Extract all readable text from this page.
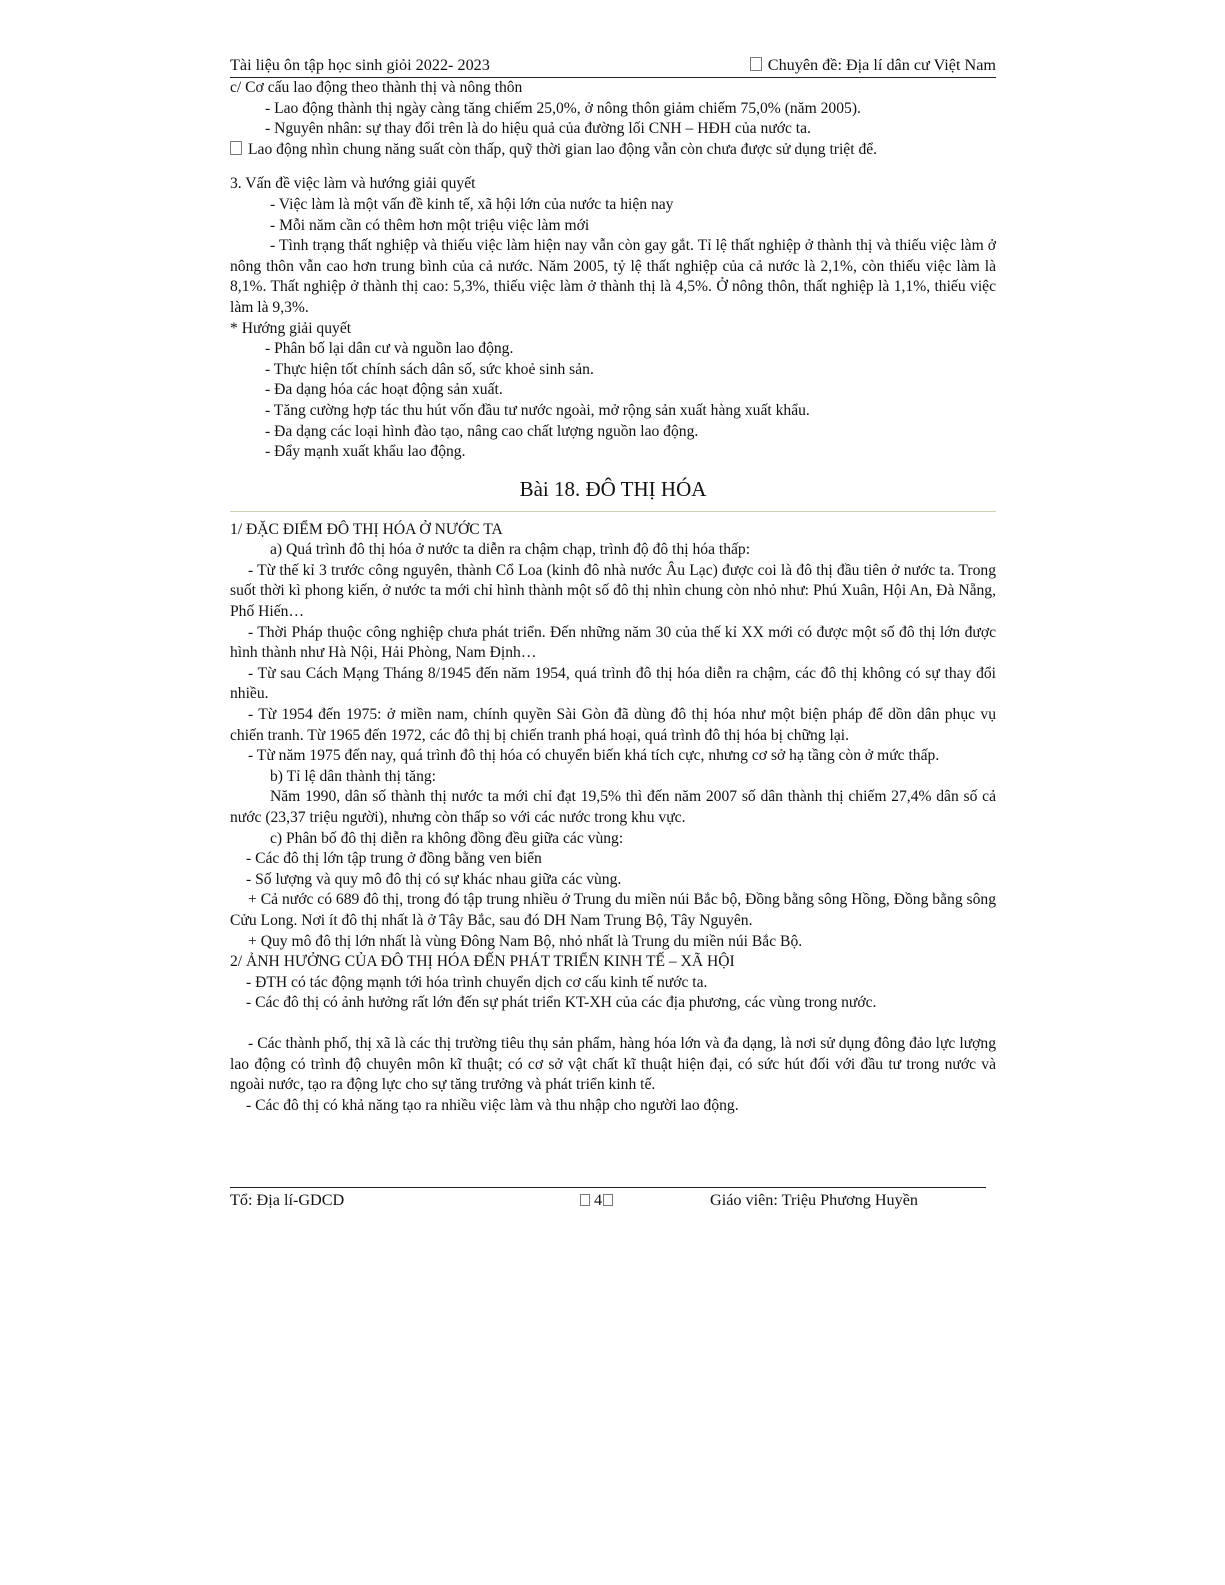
Tài liệu ôn tập học sinh giỏi 2022- 2023	Chuyên đề: Địa lí dân cư Việt Nam
c/ Cơ cấu lao động theo thành thị và nông thôn
- Lao động thành thị ngày càng tăng chiếm 25,0%, ở nông thôn giảm chiếm 75,0% (năm 2005).
- Nguyên nhân: sự thay đổi trên là do hiệu quả của đường lối CNH – HĐH của nước ta.
Lao động nhìn chung năng suất còn thấp, quỹ thời gian lao động vẫn còn chưa được sử dụng triệt để.
3. Vấn đề việc làm và hướng giải quyết
- Việc làm là một vấn đề kinh tế, xã hội lớn của nước ta hiện nay
- Mỗi năm cần có thêm hơn một triệu việc làm mới
- Tình trạng thất nghiệp và thiếu việc làm hiện nay vẫn còn gay gắt. Tỉ lệ thất nghiệp ở thành thị và thiếu việc làm ở nông thôn vẫn cao hơn trung bình của cả nước. Năm 2005, tỷ lệ thất nghiệp của cả nước là 2,1%, còn thiếu việc làm là 8,1%. Thất nghiệp ở thành thị cao: 5,3%, thiếu việc làm ở thành thị là 4,5%. Ở nông thôn, thất nghiệp là 1,1%, thiếu việc làm là 9,3%.
* Hướng giải quyết
- Phân bố lại dân cư và nguồn lao động.
- Thực hiện tốt chính sách dân số, sức khoẻ sinh sản.
- Đa dạng hóa các hoạt động sản xuất.
- Tăng cường hợp tác thu hút vốn đầu tư nước ngoài, mở rộng sản xuất hàng xuất khẩu.
- Đa dạng các loại hình đào tạo, nâng cao chất lượng nguồn lao động.
- Đẩy mạnh xuất khẩu lao động.
Bài 18. ĐÔ THỊ HÓA
1/ ĐẶC ĐIỂM ĐÔ THỊ HÓA Ở NƯỚC TA
a) Quá trình đô thị hóa ở nước ta diễn ra chậm chạp, trình độ đô thị hóa thấp:
- Từ thế kỉ 3 trước công nguyên, thành Cổ Loa (kinh đô nhà nước Âu Lạc) được coi là đô thị đầu tiên ở nước ta. Trong suốt thời kì phong kiến, ở nước ta mới chỉ hình thành một số đô thị nhìn chung còn nhỏ như: Phú Xuân, Hội An, Đà Nẵng, Phố Hiến…
- Thời Pháp thuộc công nghiệp chưa phát triển. Đến những năm 30 của thế kỉ XX mới có được một số đô thị lớn được hình thành như Hà Nội, Hải Phòng, Nam Định…
- Từ sau Cách Mạng Tháng 8/1945 đến năm 1954, quá trình đô thị hóa diễn ra chậm, các đô thị không có sự thay đổi nhiều.
- Từ 1954 đến 1975: ở miền nam, chính quyền Sài Gòn đã dùng đô thị hóa như một biện pháp để dồn dân phục vụ chiến tranh. Từ 1965 đến 1972, các đô thị bị chiến tranh phá hoại, quá trình đô thị hóa bị chững lại.
- Từ năm 1975 đến nay, quá trình đô thị hóa có chuyển biến khá tích cực, nhưng cơ sở hạ tầng còn ở mức thấp.
b) Tỉ lệ dân thành thị tăng:
Năm 1990, dân số thành thị nước ta mới chỉ đạt 19,5% thì đến năm 2007 số dân thành thị chiếm 27,4% dân số cả nước (23,37 triệu người), nhưng còn thấp so với các nước trong khu vực.
c) Phân bố đô thị diễn ra không đồng đều giữa các vùng:
- Các đô thị lớn tập trung ở đồng bằng ven biển
- Số lượng và quy mô đô thị có sự khác nhau giữa các vùng.
+ Cả nước có 689 đô thị, trong đó tập trung nhiều ở Trung du miền núi Bắc bộ, Đồng bằng sông Hồng, Đồng bằng sông Cửu Long. Nơi ít đô thị nhất là ở Tây Bắc, sau đó DH Nam Trung Bộ, Tây Nguyên.
+ Quy mô đô thị lớn nhất là vùng Đông Nam Bộ, nhỏ nhất là Trung du miền núi Bắc Bộ.
2/ ẢNH HƯỞNG CỦA ĐÔ THỊ HÓA ĐẾN PHÁT TRIỂN KINH TẾ – XÃ HỘI
- ĐTH có tác động mạnh tới hóa trình chuyển dịch cơ cấu kinh tế nước ta.
- Các đô thị có ảnh hưởng rất lớn đến sự phát triển KT-XH của các địa phương, các vùng trong nước.
- Các thành phố, thị xã là các thị trường tiêu thụ sản phẩm, hàng hóa lớn và đa dạng, là nơi sử dụng đông đảo lực lượng lao động có trình độ chuyên môn kĩ thuật; có cơ sở vật chất kĩ thuật hiện đại, có sức hút đối với đầu tư trong nước và ngoài nước, tạo ra động lực cho sự tăng trưởng và phát triển kinh tế.
- Các đô thị có khả năng tạo ra nhiều việc làm và thu nhập cho người lao động.
Tổ: Địa lí-GDCD	4	Giáo viên: Triệu Phương Huyền
